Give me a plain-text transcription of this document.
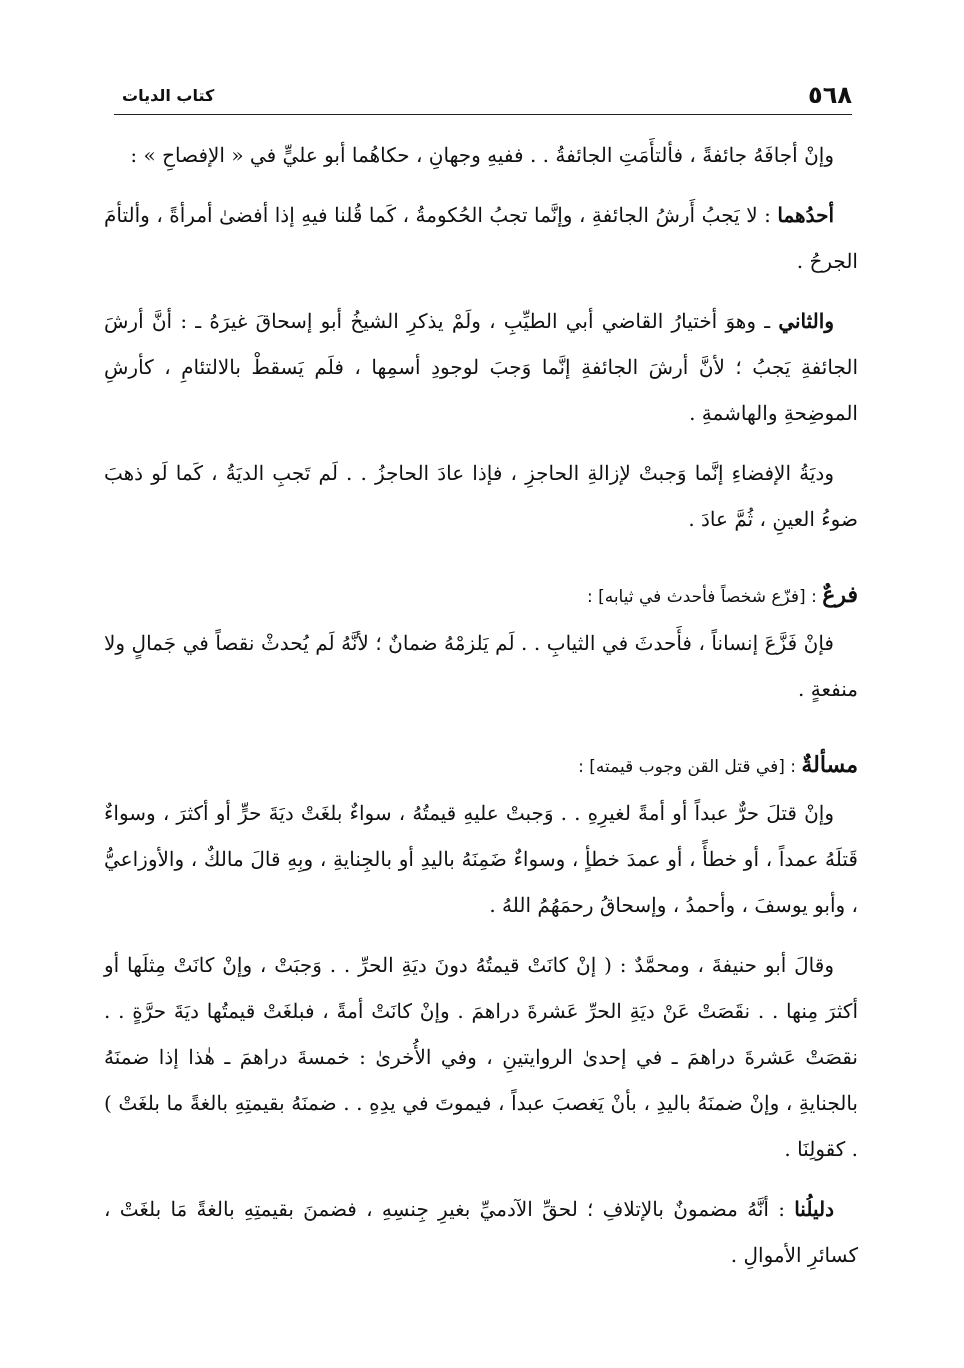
٥٦٨
كتاب الديات

وإنْ أجافَهُ جائفةً ، فألتأَمَتِ الجائفةُ . . ففيهِ وجهانِ ، حكاهُما أبو عليٍّ في « الإفصاحِ » :

أحدُهما : لا يَجبُ أَرشُ الجائفةِ ، وإنَّما تجبُ الحُكومةُ ، كَما قُلنا فيهِ إذا أفضىٰ أمرأةً ، وألتأمَ الجرحُ .

والثاني ـ وهوَ أختيارُ القاضي أبي الطيِّبِ ، ولَمْ يذكرِ الشيخُ أبو إسحاقَ غيرَهُ ـ : أنَّ أرشَ الجائفةِ يَجبُ ؛ لأنَّ أرشَ الجائفةِ إنَّما وَجبَ لوجودِ أسمِها ، فلَم يَسقطْ بالالتئامِ ، كأرشِ الموضِحةِ والهاشمةِ .

وديَةُ الإفضاءِ إنَّما وَجبتْ لإزالةِ الحاجزِ ، فإذا عادَ الحاجزُ . . لَم تَجبِ الديَةُ ، كَما لَو ذهبَ ضوءُ العينِ ، ثُمَّ عادَ .

فرعٌ : [فزّع شخصاً فأحدث في ثيابه] :

فإنْ فَزَّعَ إنساناً ، فأَحدثَ في الثيابِ . . لَم يَلزمْهُ ضمانٌ ؛ لأنَّهُ لَم يُحدثْ نقصاً في جَمالٍ ولا منفعةٍ .

مسألةٌ : [في قتل القن وجوب قيمته] :

وإنْ قتلَ حرٌّ عبداً أو أمةً لغيرِهِ . . وَجبتْ عليهِ قيمتُهُ ، سواءٌ بلغَتْ ديَةَ حرٍّ أو أكثرَ ، وسواءٌ قَتلَهُ عمداً ، أو خطأً ، أو عمدَ خطأٍ ، وسواءٌ ضَمِنَهُ باليدِ أو بالجِنايةِ ، وبِهِ قالَ مالكٌ ، والأوزاعيُّ ، وأبو يوسفَ ، وأحمدُ ، وإسحاقُ رحمَهُمُ اللهُ .

وقالَ أبو حنيفةَ ، ومحمَّدٌ : ( إنْ كانَتْ قيمتُهُ دونَ ديَةِ الحرِّ . . وَجبَتْ ، وإنْ كانَتْ مِثلَها أو أكثرَ مِنها . . نقَصَتْ عَنْ ديَةِ الحرِّ عَشرةَ دراهمَ . وإنْ كانَتْ أمةً ، فبلغَتْ قيمتُها ديَةَ حرَّةٍ . . نقصَتْ عَشرةَ دراهمَ ـ في إحدىٰ الروايتينِ ، وفي الأُخرىٰ : خمسةَ دراهمَ ـ هٰذا إذا ضمنَهُ بالجنايةِ ، وإنْ ضمنَهُ باليدِ ، بأنْ يَغصبَ عبداً ، فيموتَ في يدِهِ . . ضمنَهُ بقيمتِهِ بالغةً ما بلغَتْ ) . كقولِنَا .

دليلُنا : أنَّهُ مضمونٌ بالإتلافِ ؛ لحقِّ الآدميِّ بغيرِ جِنسِهِ ، فضمنَ بقيمتِهِ بالغةً مَا بلغَتْ ، كسائرِ الأموالِ .
